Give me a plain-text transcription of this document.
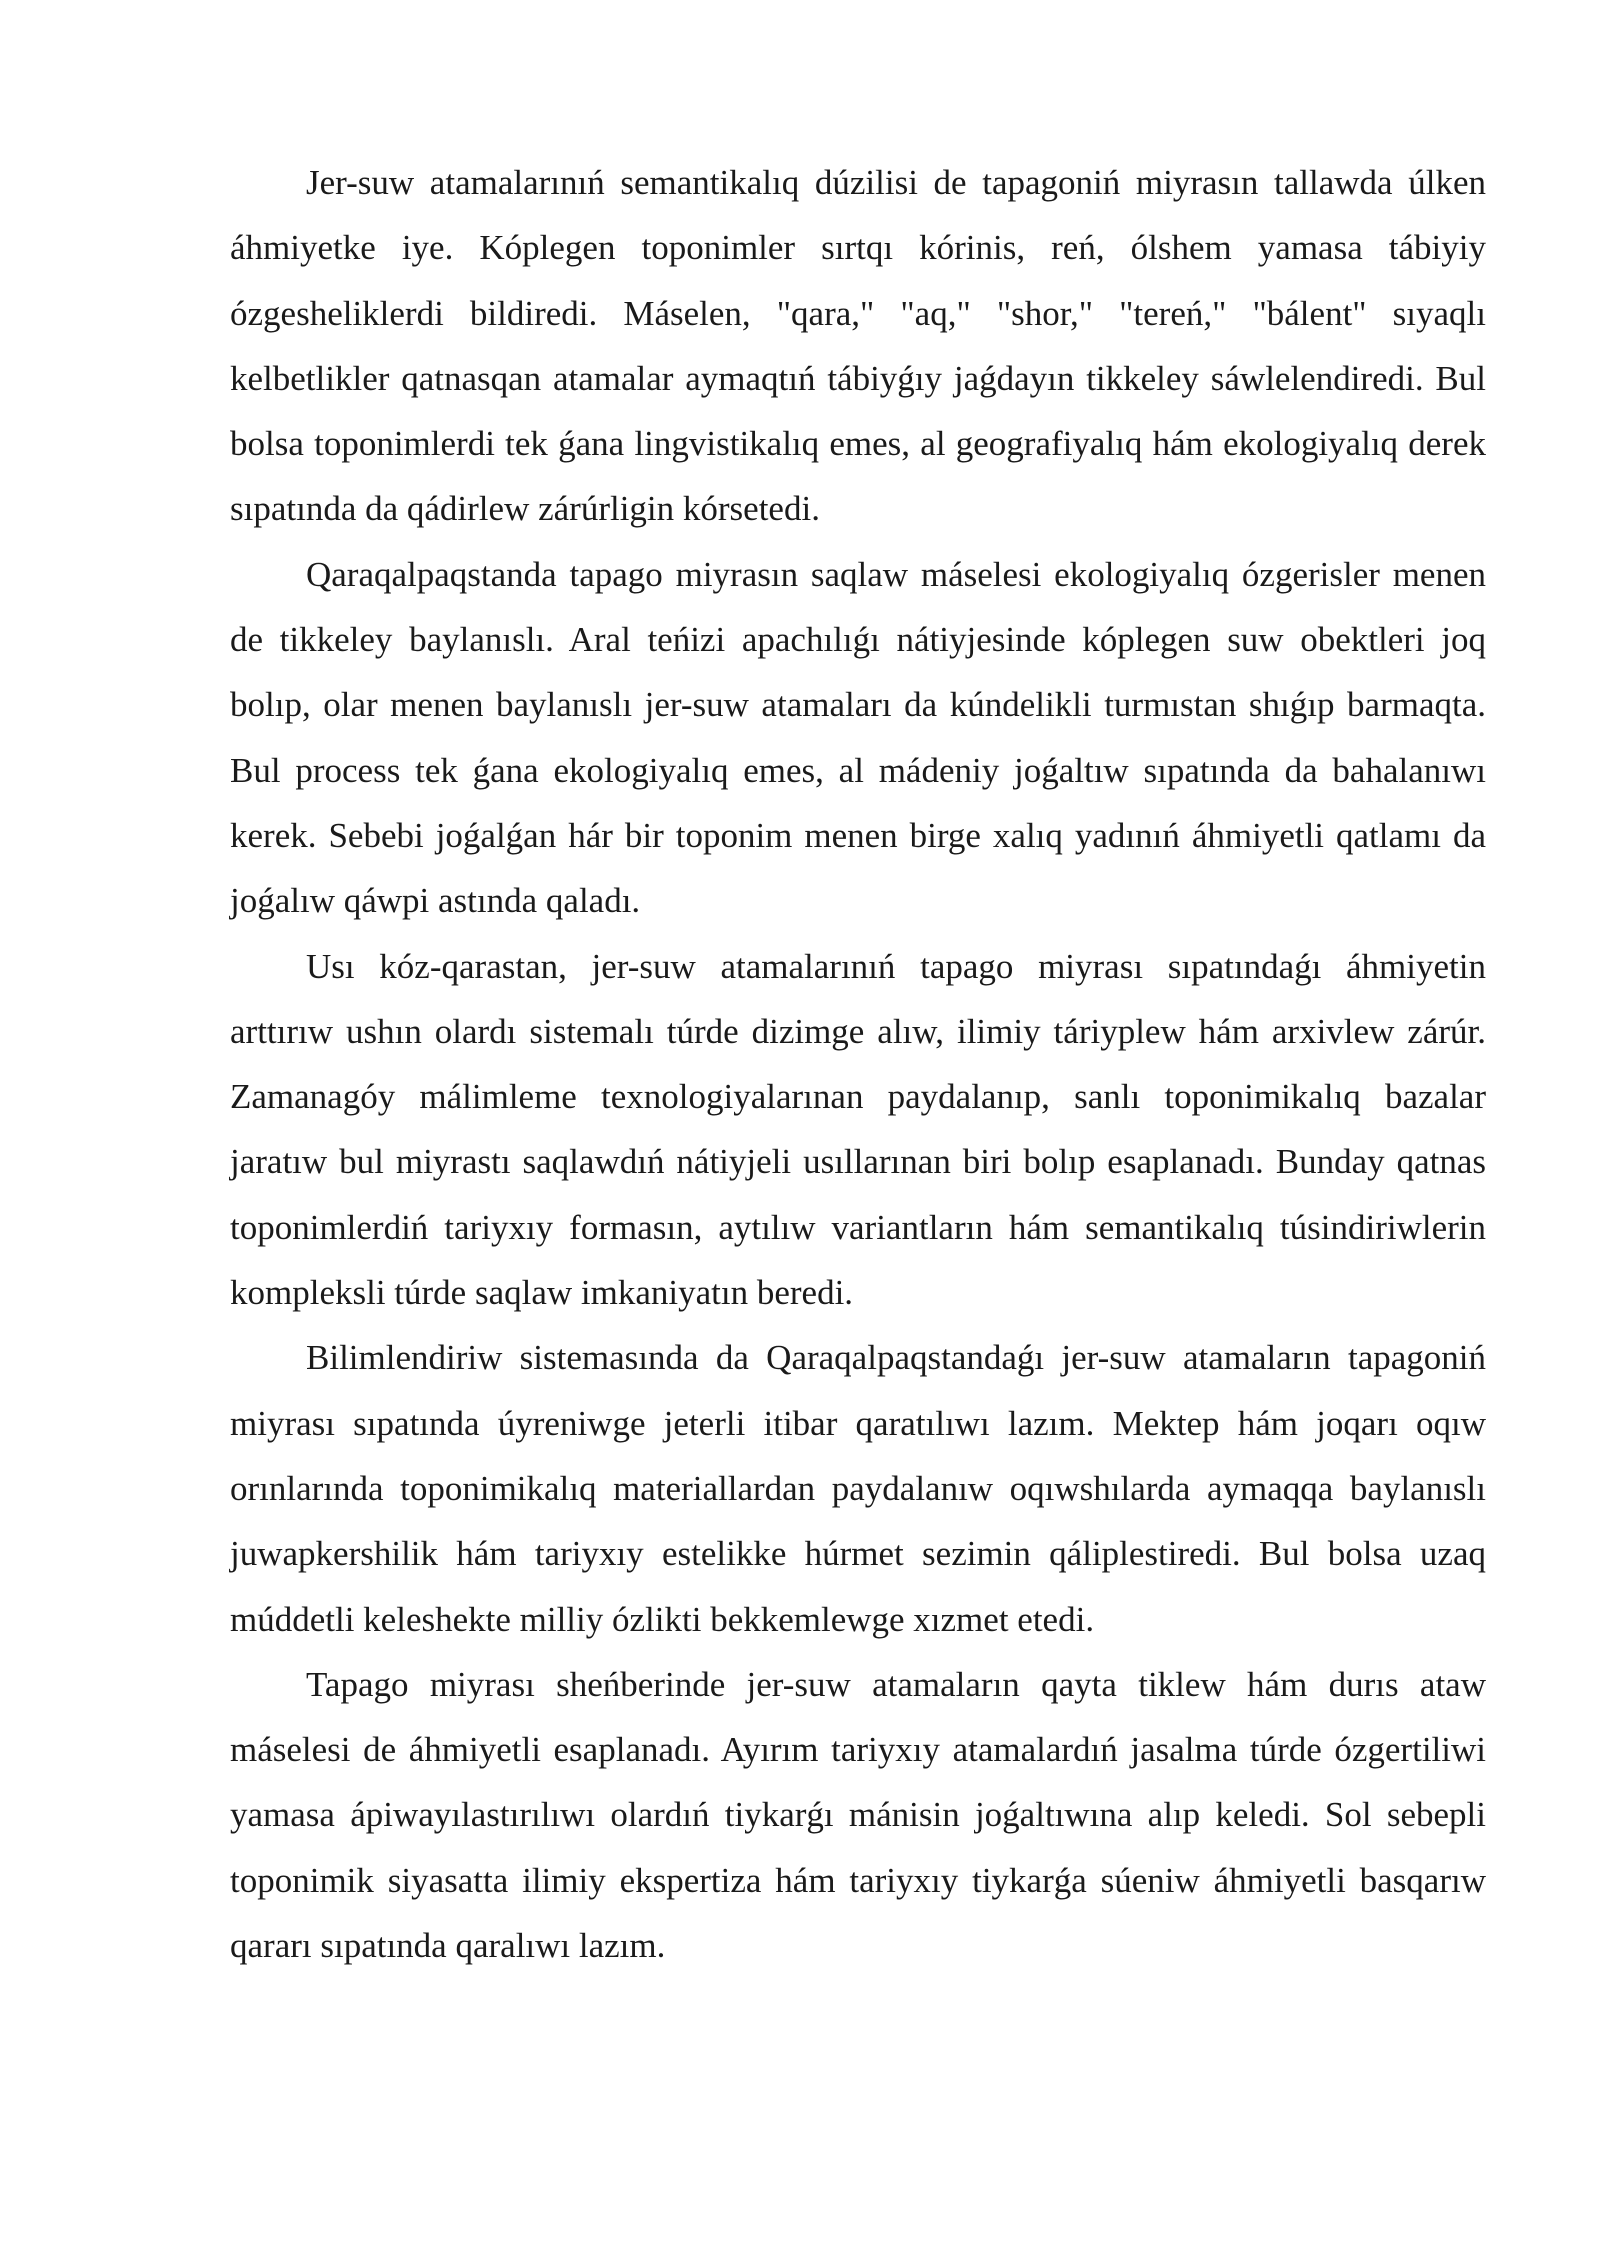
Jer-suw atamalarınıń semantikalıq dúzilisi de tapagoniń miyrasın tallawda úlken áhmiyetke iye. Kóplegen toponimler sırtqı kórinis, reń, ólshem yamasa tábiyiy ózgesheliklerdi bildiredi. Máselen, "qara," "aq," "shor," "tereń," "bálent" sıyaqlı kelbetlikler qatnasqan atamalar aymaqtıń tábiyǵıy jaǵdayın tikkeley sáwlelendiredi. Bul bolsa toponimlerdi tek ǵana lingvistikalıq emes, al geografiyalıq hám ekologiyalıq derek sıpatında da qádirlew zárúrligin kórsetedi.

Qaraqalpaqstanda tapago miyrasın saqlaw máselesi ekologiyalıq ózgerisler menen de tikkeley baylanıslı. Aral teńizi apachılıǵı nátiyjesinde kóplegen suw obektleri joq bolıp, olar menen baylanıslı jer-suw atamaları da kúndelikli turmıstan shıǵıp barmaqta. Bul process tek ǵana ekologiyalıq emes, al mádeniy joǵaltıw sıpatında da bahalanıwı kerek. Sebebi joǵalǵan hár bir toponim menen birge xalıq yadınıń áhmiyetli qatlamı da joǵalıw qáwpi astında qaladı.

Usı kóz-qarastan, jer-suw atamalarınıń tapago miyrası sıpatındaǵı áhmiyetin arttırıw ushın olardı sistemalı túrde dizimge alıw, ilimiy táriyplew hám arxivlew zárúr. Zamanagóy málimleme texnologiyalarınan paydalanıp, sanlı toponimikalıq bazalar jaratıw bul miyrastı saqlawdıń nátiyjeli usıllarınan biri bolıp esaplanadı. Bunday qatnas toponimlerdiń tariyxıy formasın, aytılıw variantların hám semantikalıq túsindiriwlerin kompleksli túrde saqlaw imkaniyatın beredi.

Bilimlendiriw sistemasında da Qaraqalpaqstandaǵı jer-suw atamaların tapagoniń miyrası sıpatında úyreniwge jeterli itibar qaratılıwı lazım. Mektep hám joqarı oqıw orınlarında toponimikalıq materiallardan paydalanıw oqıwshılarda aymaqqa baylanıslı juwapkershilik hám tariyxıy estelikke húrmet sezimin qáliplestiredi. Bul bolsa uzaq múddetli keleshekte milliy ózlikti bekkemlewge xızmet etedi.

Tapago miyrası sheńberinde jer-suw atamaların qayta tiklew hám durıs ataw máselesi de áhmiyetli esaplanadı. Ayırım tariyxıy atamalardıń jasalma túrde ózgertiliwi yamasa ápiwayılastırılıwı olardıń tiykarǵı mánisin joǵaltıwına alıp keledi. Sol sebepli toponimik siyasatta ilimiy ekspertiza hám tariyxıy tiykarǵa súeniw áhmiyetli basqarıw qararı sıpatında qaralıwı lazım.
